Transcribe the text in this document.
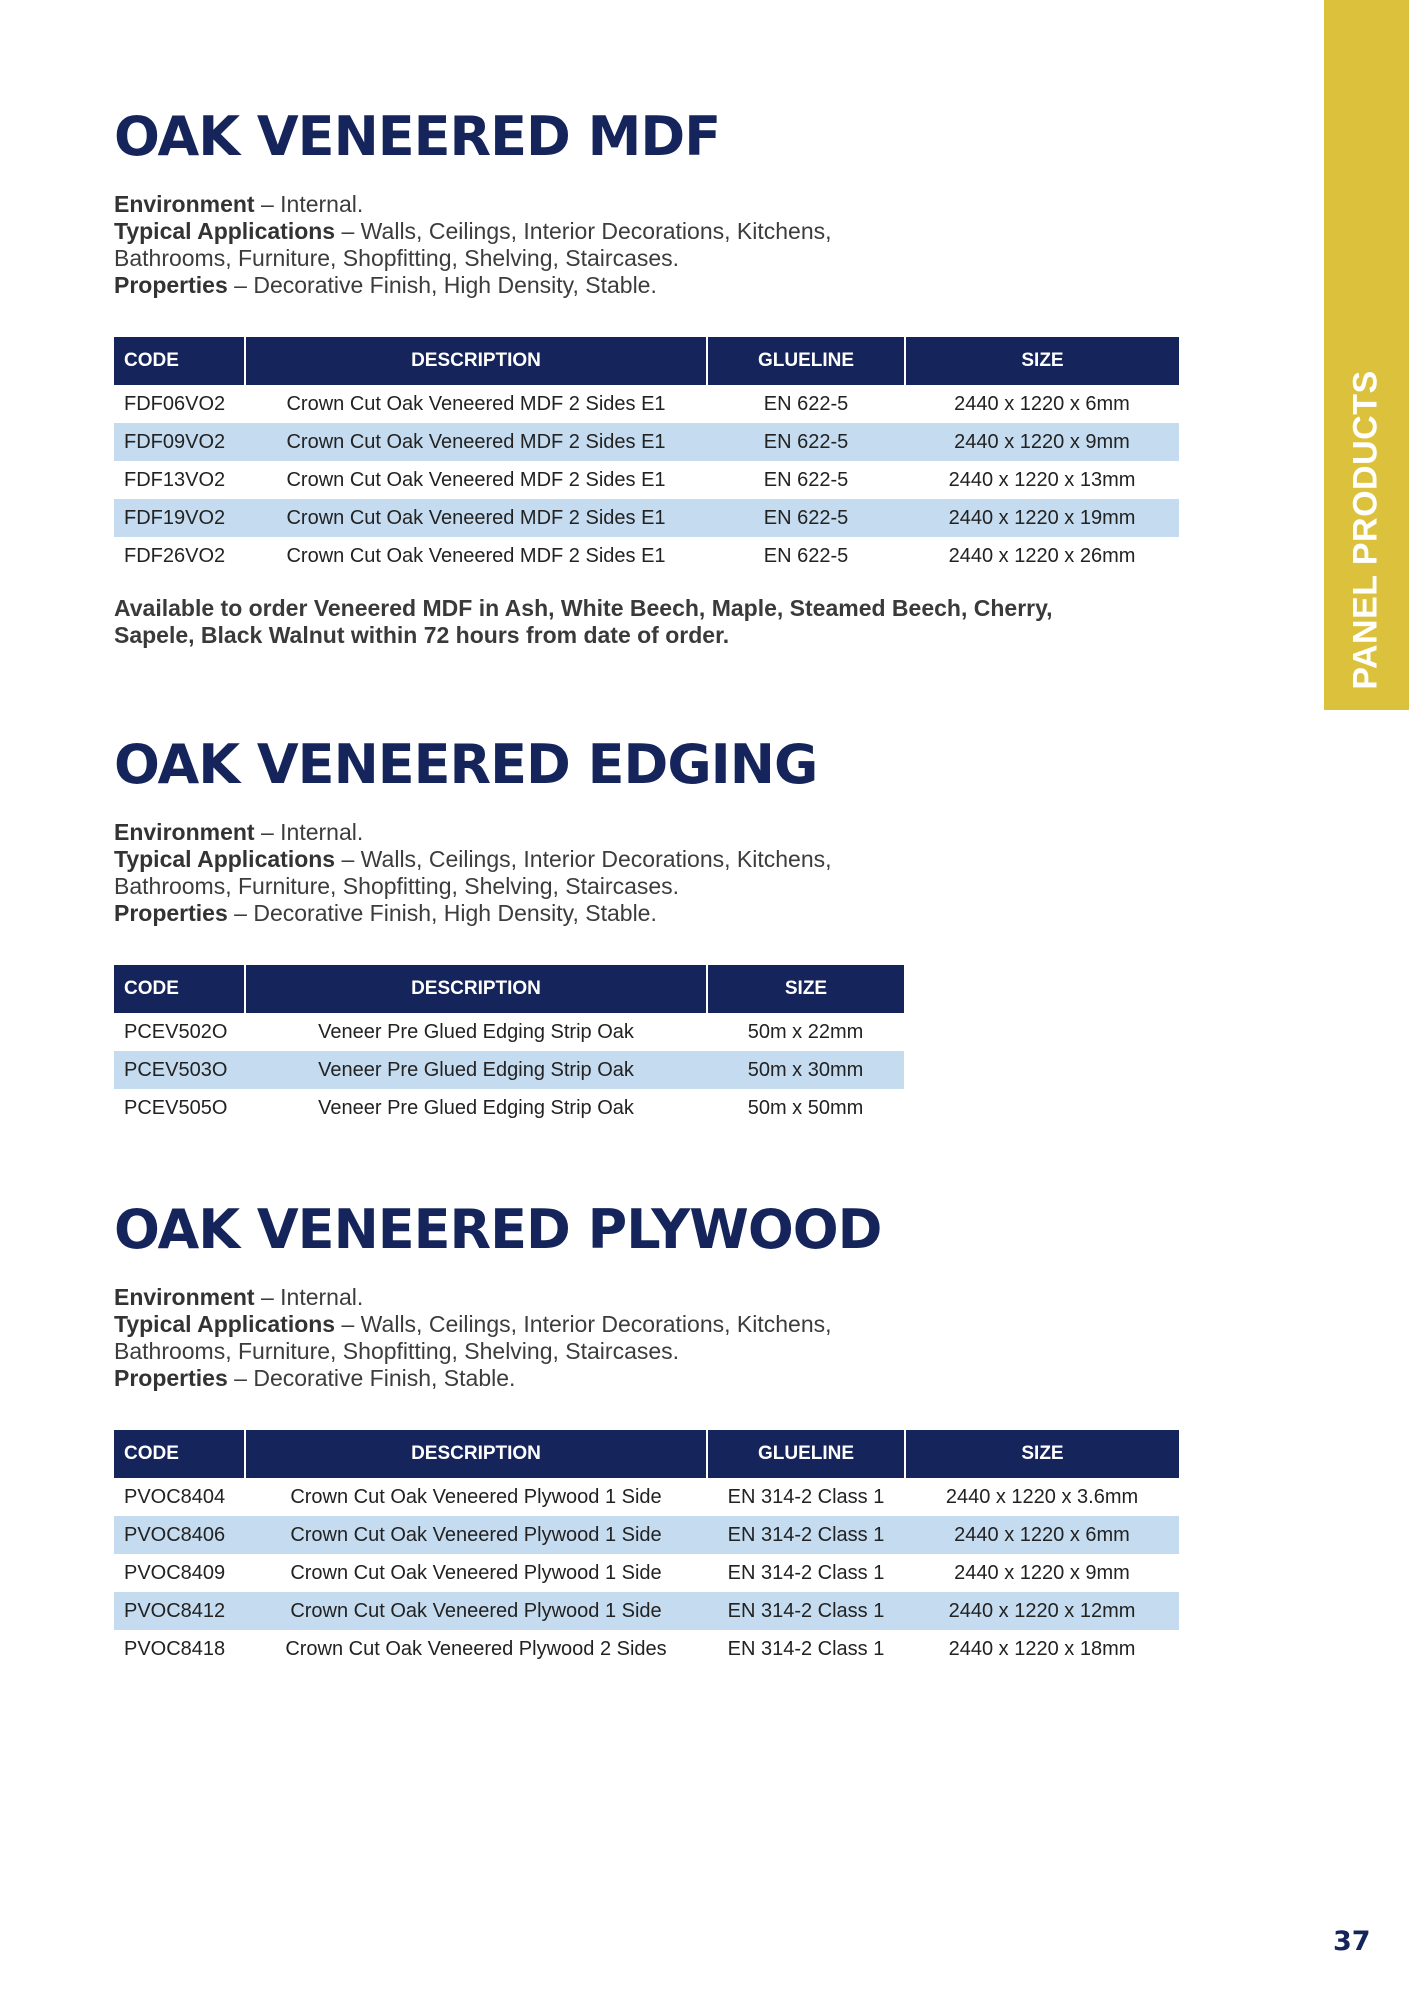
PANEL PRODUCTS
OAK VENEERED MDF
Environment – Internal.
Typical Applications – Walls, Ceilings, Interior Decorations, Kitchens,
Bathrooms, Furniture, Shopfitting, Shelving, Staircases.
Properties – Decorative Finish, High Density, Stable.
CODE	DESCRIPTION	GLUELINE	SIZE
FDF06VO2	Crown Cut Oak Veneered MDF 2 Sides E1	EN 622-5	2440 x 1220 x 6mm
FDF09VO2	Crown Cut Oak Veneered MDF 2 Sides E1	EN 622-5	2440 x 1220 x 9mm
FDF13VO2	Crown Cut Oak Veneered MDF 2 Sides E1	EN 622-5	2440 x 1220 x 13mm
FDF19VO2	Crown Cut Oak Veneered MDF 2 Sides E1	EN 622-5	2440 x 1220 x 19mm
FDF26VO2	Crown Cut Oak Veneered MDF 2 Sides E1	EN 622-5	2440 x 1220 x 26mm
Available to order Veneered MDF in Ash, White Beech, Maple, Steamed Beech, Cherry,
Sapele, Black Walnut within 72 hours from date of order.
OAK VENEERED EDGING
Environment – Internal.
Typical Applications – Walls, Ceilings, Interior Decorations, Kitchens,
Bathrooms, Furniture, Shopfitting, Shelving, Staircases.
Properties – Decorative Finish, High Density, Stable.
CODE	DESCRIPTION	SIZE
PCEV502O	Veneer Pre Glued Edging Strip Oak	50m x 22mm
PCEV503O	Veneer Pre Glued Edging Strip Oak	50m x 30mm
PCEV505O	Veneer Pre Glued Edging Strip Oak	50m x 50mm
OAK VENEERED PLYWOOD
Environment – Internal.
Typical Applications – Walls, Ceilings, Interior Decorations, Kitchens,
Bathrooms, Furniture, Shopfitting, Shelving, Staircases.
Properties – Decorative Finish, Stable.
CODE	DESCRIPTION	GLUELINE	SIZE
PVOC8404	Crown Cut Oak Veneered Plywood 1 Side	EN 314-2 Class 1	2440 x 1220 x 3.6mm
PVOC8406	Crown Cut Oak Veneered Plywood 1 Side	EN 314-2 Class 1	2440 x 1220 x 6mm
PVOC8409	Crown Cut Oak Veneered Plywood 1 Side	EN 314-2 Class 1	2440 x 1220 x 9mm
PVOC8412	Crown Cut Oak Veneered Plywood 1 Side	EN 314-2 Class 1	2440 x 1220 x 12mm
PVOC8418	Crown Cut Oak Veneered Plywood 2 Sides	EN 314-2 Class 1	2440 x 1220 x 18mm
37
